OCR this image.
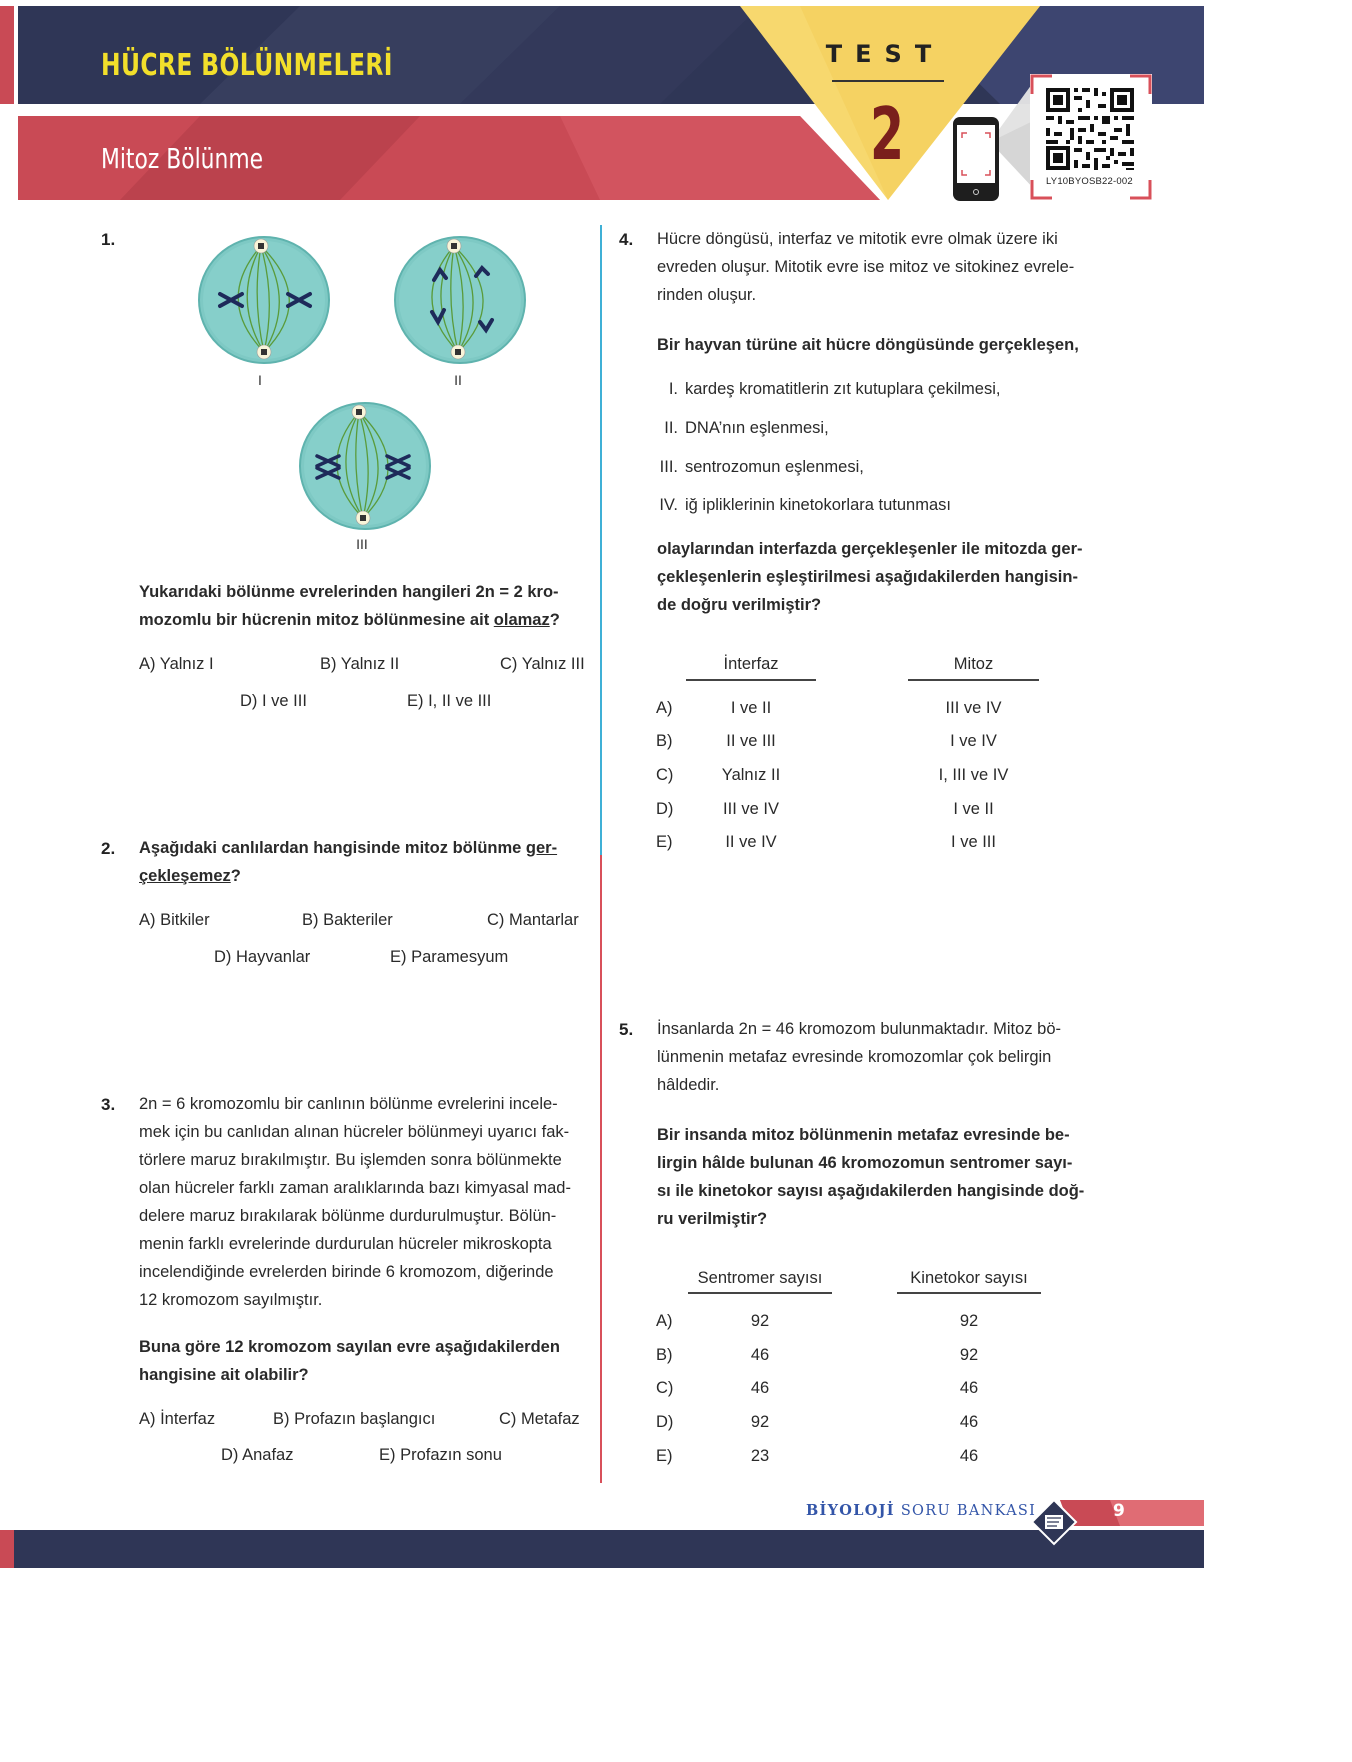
HÜCRE BÖLÜNMELERİ
Mitoz Bölünme
TEST
2
LY10BYOSB22-002
1.
I	II
III
Yukarıdaki bölünme evrelerinden hangileri 2n = 2 kro-
mozomlu bir hücrenin mitoz bölünmesine ait olamaz?
A) Yalnız I	B) Yalnız II	C) Yalnız III
D) I ve III	E) I, II ve III
2. Aşağıdaki canlılardan hangisinde mitoz bölünme ger-
çekleşemez?
A) Bitkiler	B) Bakteriler	C) Mantarlar
D) Hayvanlar	E) Paramesyum
3. 2n = 6 kromozomlu bir canlının bölünme evrelerini incele-
mek için bu canlıdan alınan hücreler bölünmeyi uyarıcı fak-
törlere maruz bırakılmıştır. Bu işlemden sonra bölünmekte
olan hücreler farklı zaman aralıklarında bazı kimyasal mad-
delere maruz bırakılarak bölünme durdurulmuştur. Bölün-
menin farklı evrelerinde durdurulan hücreler mikroskopta
incelendiğinde evrelerden birinde 6 kromozom, diğerinde
12 kromozom sayılmıştır.
Buna göre 12 kromozom sayılan evre aşağıdakilerden
hangisine ait olabilir?
A) İnterfaz	B) Profazın başlangıcı	C) Metafaz
D) Anafaz	E) Profazın sonu
4. Hücre döngüsü, interfaz ve mitotik evre olmak üzere iki
evreden oluşur. Mitotik evre ise mitoz ve sitokinez evrele-
rinden oluşur.
Bir hayvan türüne ait hücre döngüsünde gerçekleşen,
I. kardeş kromatitlerin zıt kutuplara çekilmesi,
II. DNA’nın eşlenmesi,
III. sentrozomun eşlenmesi,
IV. iğ ipliklerinin kinetokorlara tutunması
olaylarından interfazda gerçekleşenler ile mitozda ger-
çekleşenlerin eşleştirilmesi aşağıdakilerden hangisin-
de doğru verilmiştir?
İnterfaz	Mitoz
A)	I ve II	III ve IV
B)	II ve III	I ve IV
C)	Yalnız II	I, III ve IV
D)	III ve IV	I ve II
E)	II ve IV	I ve III
5. İnsanlarda 2n = 46 kromozom bulunmaktadır. Mitoz bö-
lünmenin metafaz evresinde kromozomlar çok belirgin
hâldedir.
Bir insanda mitoz bölünmenin metafaz evresinde be-
lirgin hâlde bulunan 46 kromozomun sentromer sayı-
sı ile kinetokor sayısı aşağıdakilerden hangisinde doğ-
ru verilmiştir?
Sentromer sayısı	Kinetokor sayısı
A)	92	92
B)	46	92
C)	46	46
D)	92	46
E)	23	46
BİYOLOJİ SORU BANKASI	9
